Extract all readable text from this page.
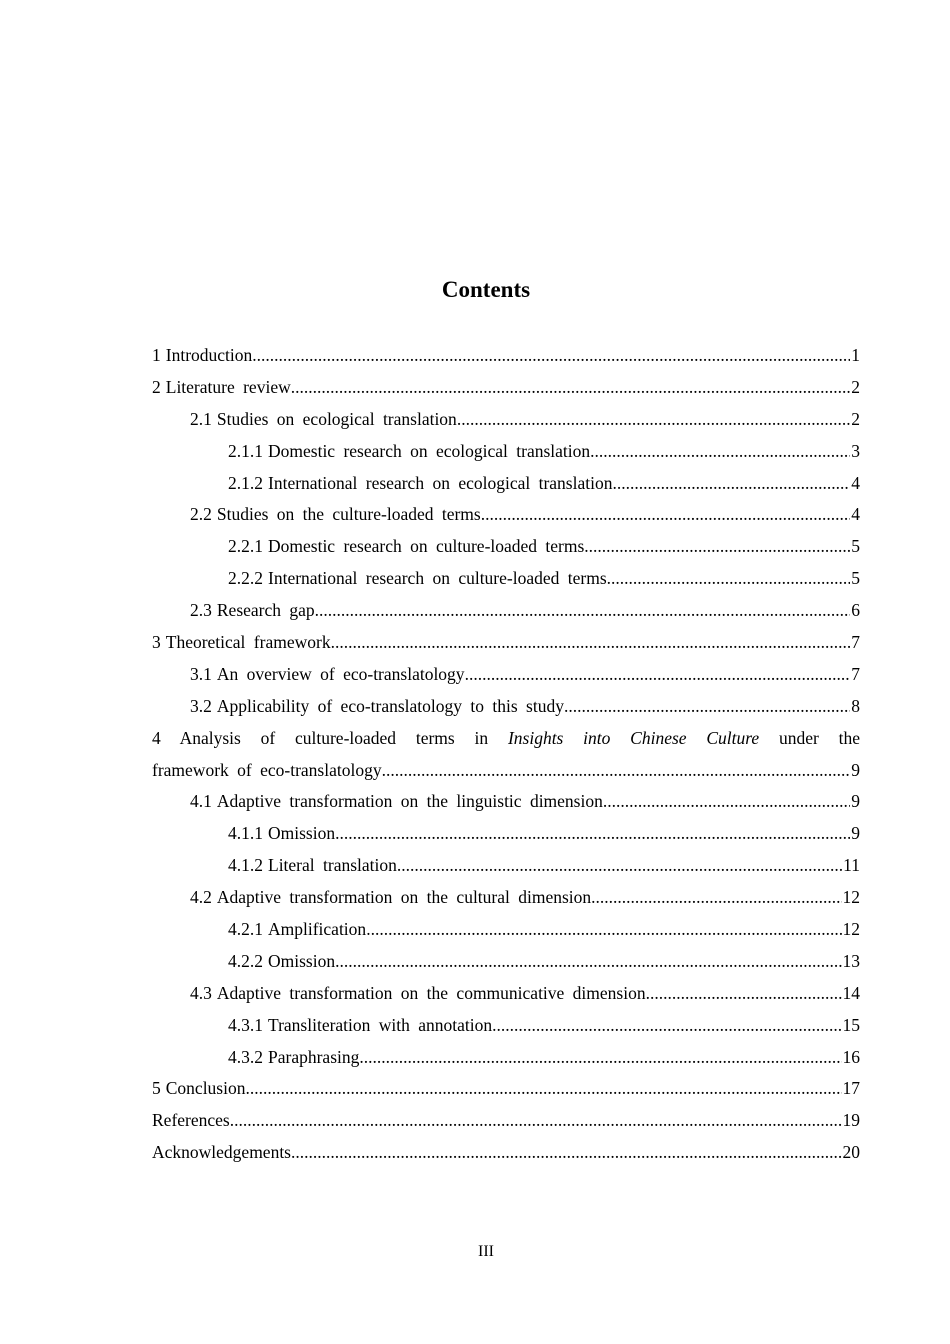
Contents
1 Introduction .....	1
2 Literature review .....	2
2.1 Studies on ecological translation .....	2
2.1.1 Domestic research on ecological translation .....	3
2.1.2 International research on ecological translation .....	4
2.2 Studies on the culture-loaded terms .....	4
2.2.1 Domestic research on culture-loaded terms .....	5
2.2.2 International research on culture-loaded terms .....	5
2.3 Research gap .....	6
3 Theoretical framework .....	7
3.1 An overview of eco-translatology .....	7
3.2 Applicability of eco-translatology to this study .....	8
4 Analysis of culture-loaded terms in Insights into Chinese Culture under the
framework of eco-translatology .....	9
4.1 Adaptive transformation on the linguistic dimension .....	9
4.1.1 Omission .....	9
4.1.2 Literal translation .....	11
4.2 Adaptive transformation on the cultural dimension .....	12
4.2.1 Amplification .....	12
4.2.2 Omission .....	13
4.3 Adaptive transformation on the communicative dimension .....	14
4.3.1 Transliteration with annotation .....	15
4.3.2 Paraphrasing .....	16
5 Conclusion .....	17
References .....	19
Acknowledgements .....	20
III
